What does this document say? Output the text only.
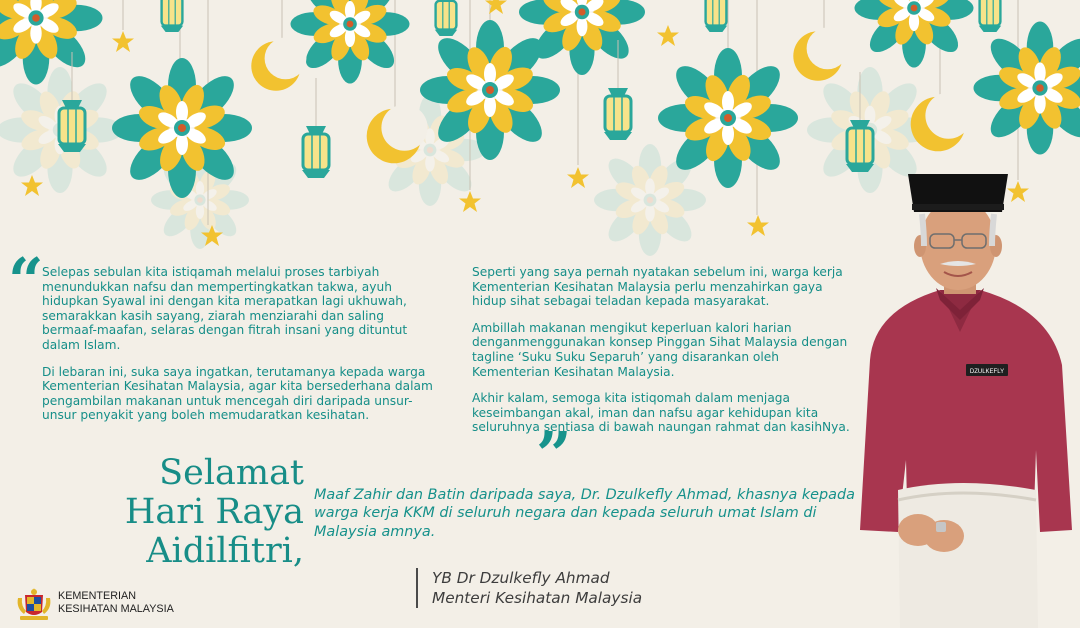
“

Selepas sebulan kita istiqamah melalui proses tarbiyah menundukkan nafsu dan mempertingkatkan takwa, ayuh hidupkan Syawal ini dengan kita merapatkan lagi ukhuwah, semarakkan kasih sayang, ziarah menziarahi dan saling bermaaf-maafan, selaras dengan fitrah insani yang dituntut dalam Islam.

Di lebaran ini, suka saya ingatkan, terutamanya kepada warga Kementerian Kesihatan Malaysia, agar kita bersederhana dalam pengambilan makanan untuk mencegah diri daripada unsur-unsur penyakit yang boleh memudaratkan kesihatan.

Seperti yang saya pernah nyatakan sebelum ini, warga kerja Kementerian Kesihatan Malaysia perlu menzahirkan gaya hidup sihat sebagai teladan kepada masyarakat.

Ambillah makanan mengikut keperluan kalori harian denganmenggunakan konsep Pinggan Sihat Malaysia dengan tagline ‘Suku Suku Separuh’ yang disarankan oleh Kementerian Kesihatan Malaysia.

Akhir kalam, semoga kita istiqomah dalam menjaga keseimbangan akal, iman dan nafsu agar kehidupan kita seluruhnya sentiasa di bawah naungan rahmat dan kasihNya.

”
Selamat
Hari Raya
Aidilfitri,
Maaf Zahir dan Batin daripada saya, Dr. Dzulkefly Ahmad, khasnya kepada warga kerja KKM di seluruh negara dan kepada seluruh umat Islam di Malaysia amnya.
YB Dr Dzulkefly Ahmad
Menteri Kesihatan Malaysia
KEMENTERIAN
KESIHATAN MALAYSIA
DZULKEFLY
